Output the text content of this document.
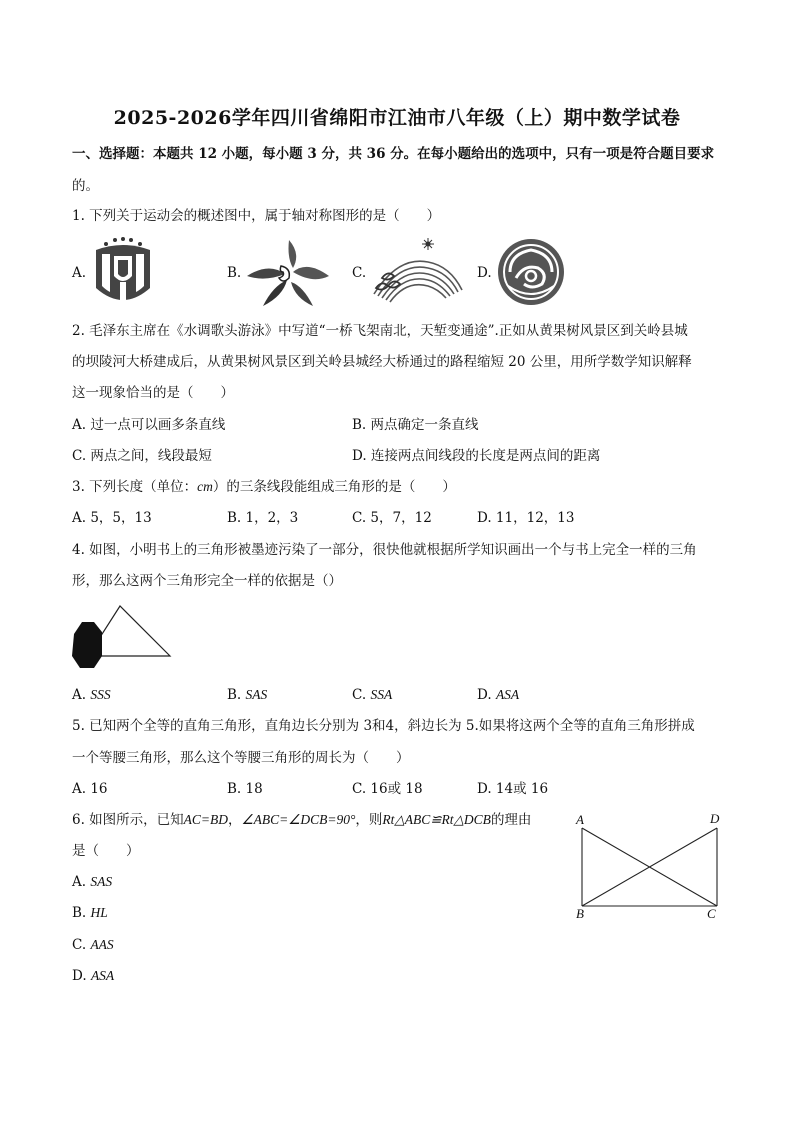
2025-2026学年四川省绵阳市江油市八年级（上）期中数学试卷
一、选择题：本题共 12 小题，每小题 3 分，共 36 分。在每小题给出的选项中，只有一项是符合题目要求
的。
1. 下列关于运动会的概述图中，属于轴对称图形的是（　　）
A.	B.	C.	D.
2. 毛泽东主席在《水调歌头游泳》中写道“一桥飞架南北，天堑变通途”.正如从黄果树风景区到关岭县城
的坝陵河大桥建成后，从黄果树风景区到关岭县城经大桥通过的路程缩短 20 公里，用所学数学知识解释
这一现象恰当的是（　　）
A. 过一点可以画多条直线	B. 两点确定一条直线
C. 两点之间，线段最短	D. 连接两点间线段的长度是两点间的距离
3. 下列长度（单位：cm）的三条线段能组成三角形的是（　　）
A. 5，5，13	B. 1，2，3	C. 5，7，12	D. 11，12，13
4. 如图，小明书上的三角形被墨迹污染了一部分，很快他就根据所学知识画出一个与书上完全一样的三角
形，那么这两个三角形完全一样的依据是（）
A. SSS	B. SAS	C. SSA	D. ASA
5. 已知两个全等的直角三角形，直角边长分别为 3和4，斜边长为 5.如果将这两个全等的直角三角形拼成
一个等腰三角形，那么这个等腰三角形的周长为（　　）
A. 16	B. 18	C. 16或 18	D. 14或 16
6. 如图所示，已知AC=BD，∠ABC=∠DCB=90°，则Rt△ABC≌Rt△DCB的理由
是（　　）
A. SAS
B. HL
C. AAS
D. ASA
A	D
B	C
